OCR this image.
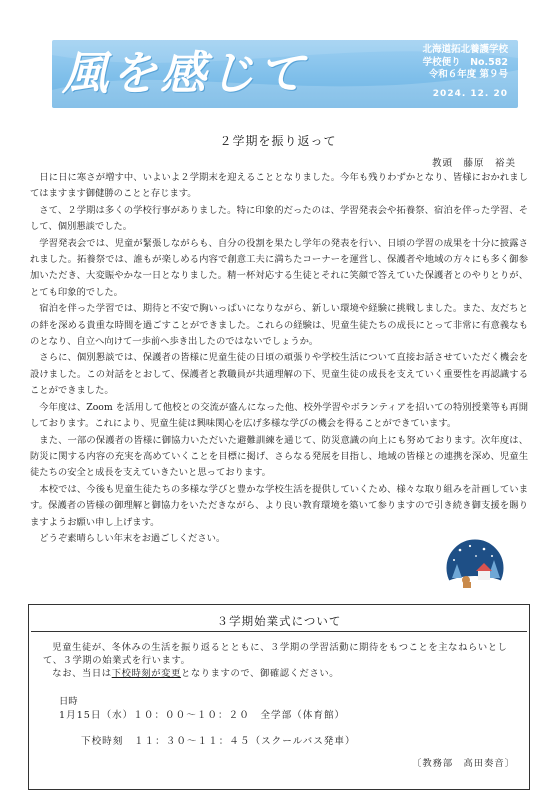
風を感じて	北海道拓北養護学校
学校便り　No.582
令和６年度 第９号
2024. 12. 20
２学期を振り返って
教頭　藤原　裕美

日に日に寒さが増す中、いよいよ２学期末を迎えることとなりました。今年も残りわずかとなり、皆様におかれましてはますます御健勝のことと存じます。

さて、２学期は多くの学校行事がありました。特に印象的だったのは、学習発表会や拓養祭、宿泊を伴った学習、そして、個別懇談でした。

学習発表会では、児童が緊張しながらも、自分の役割を果たし学年の発表を行い、日頃の学習の成果を十分に披露されました。拓養祭では、誰もが楽しめる内容で創意工夫に満ちたコーナーを運営し、保護者や地域の方々にも多く御参加いただき、大変賑やかな一日となりました。精一杯対応する生徒とそれに笑顔で答えていた保護者とのやりとりが、とても印象的でした。

宿泊を伴った学習では、期待と不安で胸いっぱいになりながら、新しい環境や経験に挑戦しました。また、友だちとの絆を深める貴重な時間を過ごすことができました。これらの経験は、児童生徒たちの成長にとって非常に有意義なものとなり、自立へ向けて一歩前へ歩き出したのではないでしょうか。

さらに、個別懇談では、保護者の皆様に児童生徒の日頃の頑張りや学校生活について直接お話させていただく機会を設けました。この対話をとおして、保護者と教職員が共通理解の下、児童生徒の成長を支えていく重要性を再認識することができました。

今年度は、Zoom を活用して他校との交流が盛んになった他、校外学習やボランティアを招いての特別授業等も再開しております。これにより、児童生徒は興味関心を広げ多様な学びの機会を得ることができています。

また、一部の保護者の皆様に御協力いただいた避難訓練を通じて、防災意識の向上にも努めております。次年度は、防災に関する内容の充実を高めていくことを目標に掲げ、さらなる発展を目指し、地域の皆様との連携を深め、児童生徒たちの安全と成長を支えていきたいと思っております。

本校では、今後も児童生徒たちの多様な学びと豊かな学校生活を提供していくため、様々な取り組みを計画しています。保護者の皆様の御理解と御協力をいただきながら、より良い教育環境を築いて参りますので引き続き御支援を賜りますようお願い申し上げます。

どうぞ素晴らしい年末をお過ごしください。

３学期始業式について

児童生徒が、冬休みの生活を振り返るとともに、３学期の学習活動に期待をもつことを主なねらいとして、３学期の始業式を行います。

なお、当日は下校時刻が変更となりますので、御確認ください。

日時
1月15日（水）１０：００〜１０：２０　全学部（体育館）
下校時刻　１１：３０〜１１：４５（スクールバス発車）
〔教務部　高田奏音〕
